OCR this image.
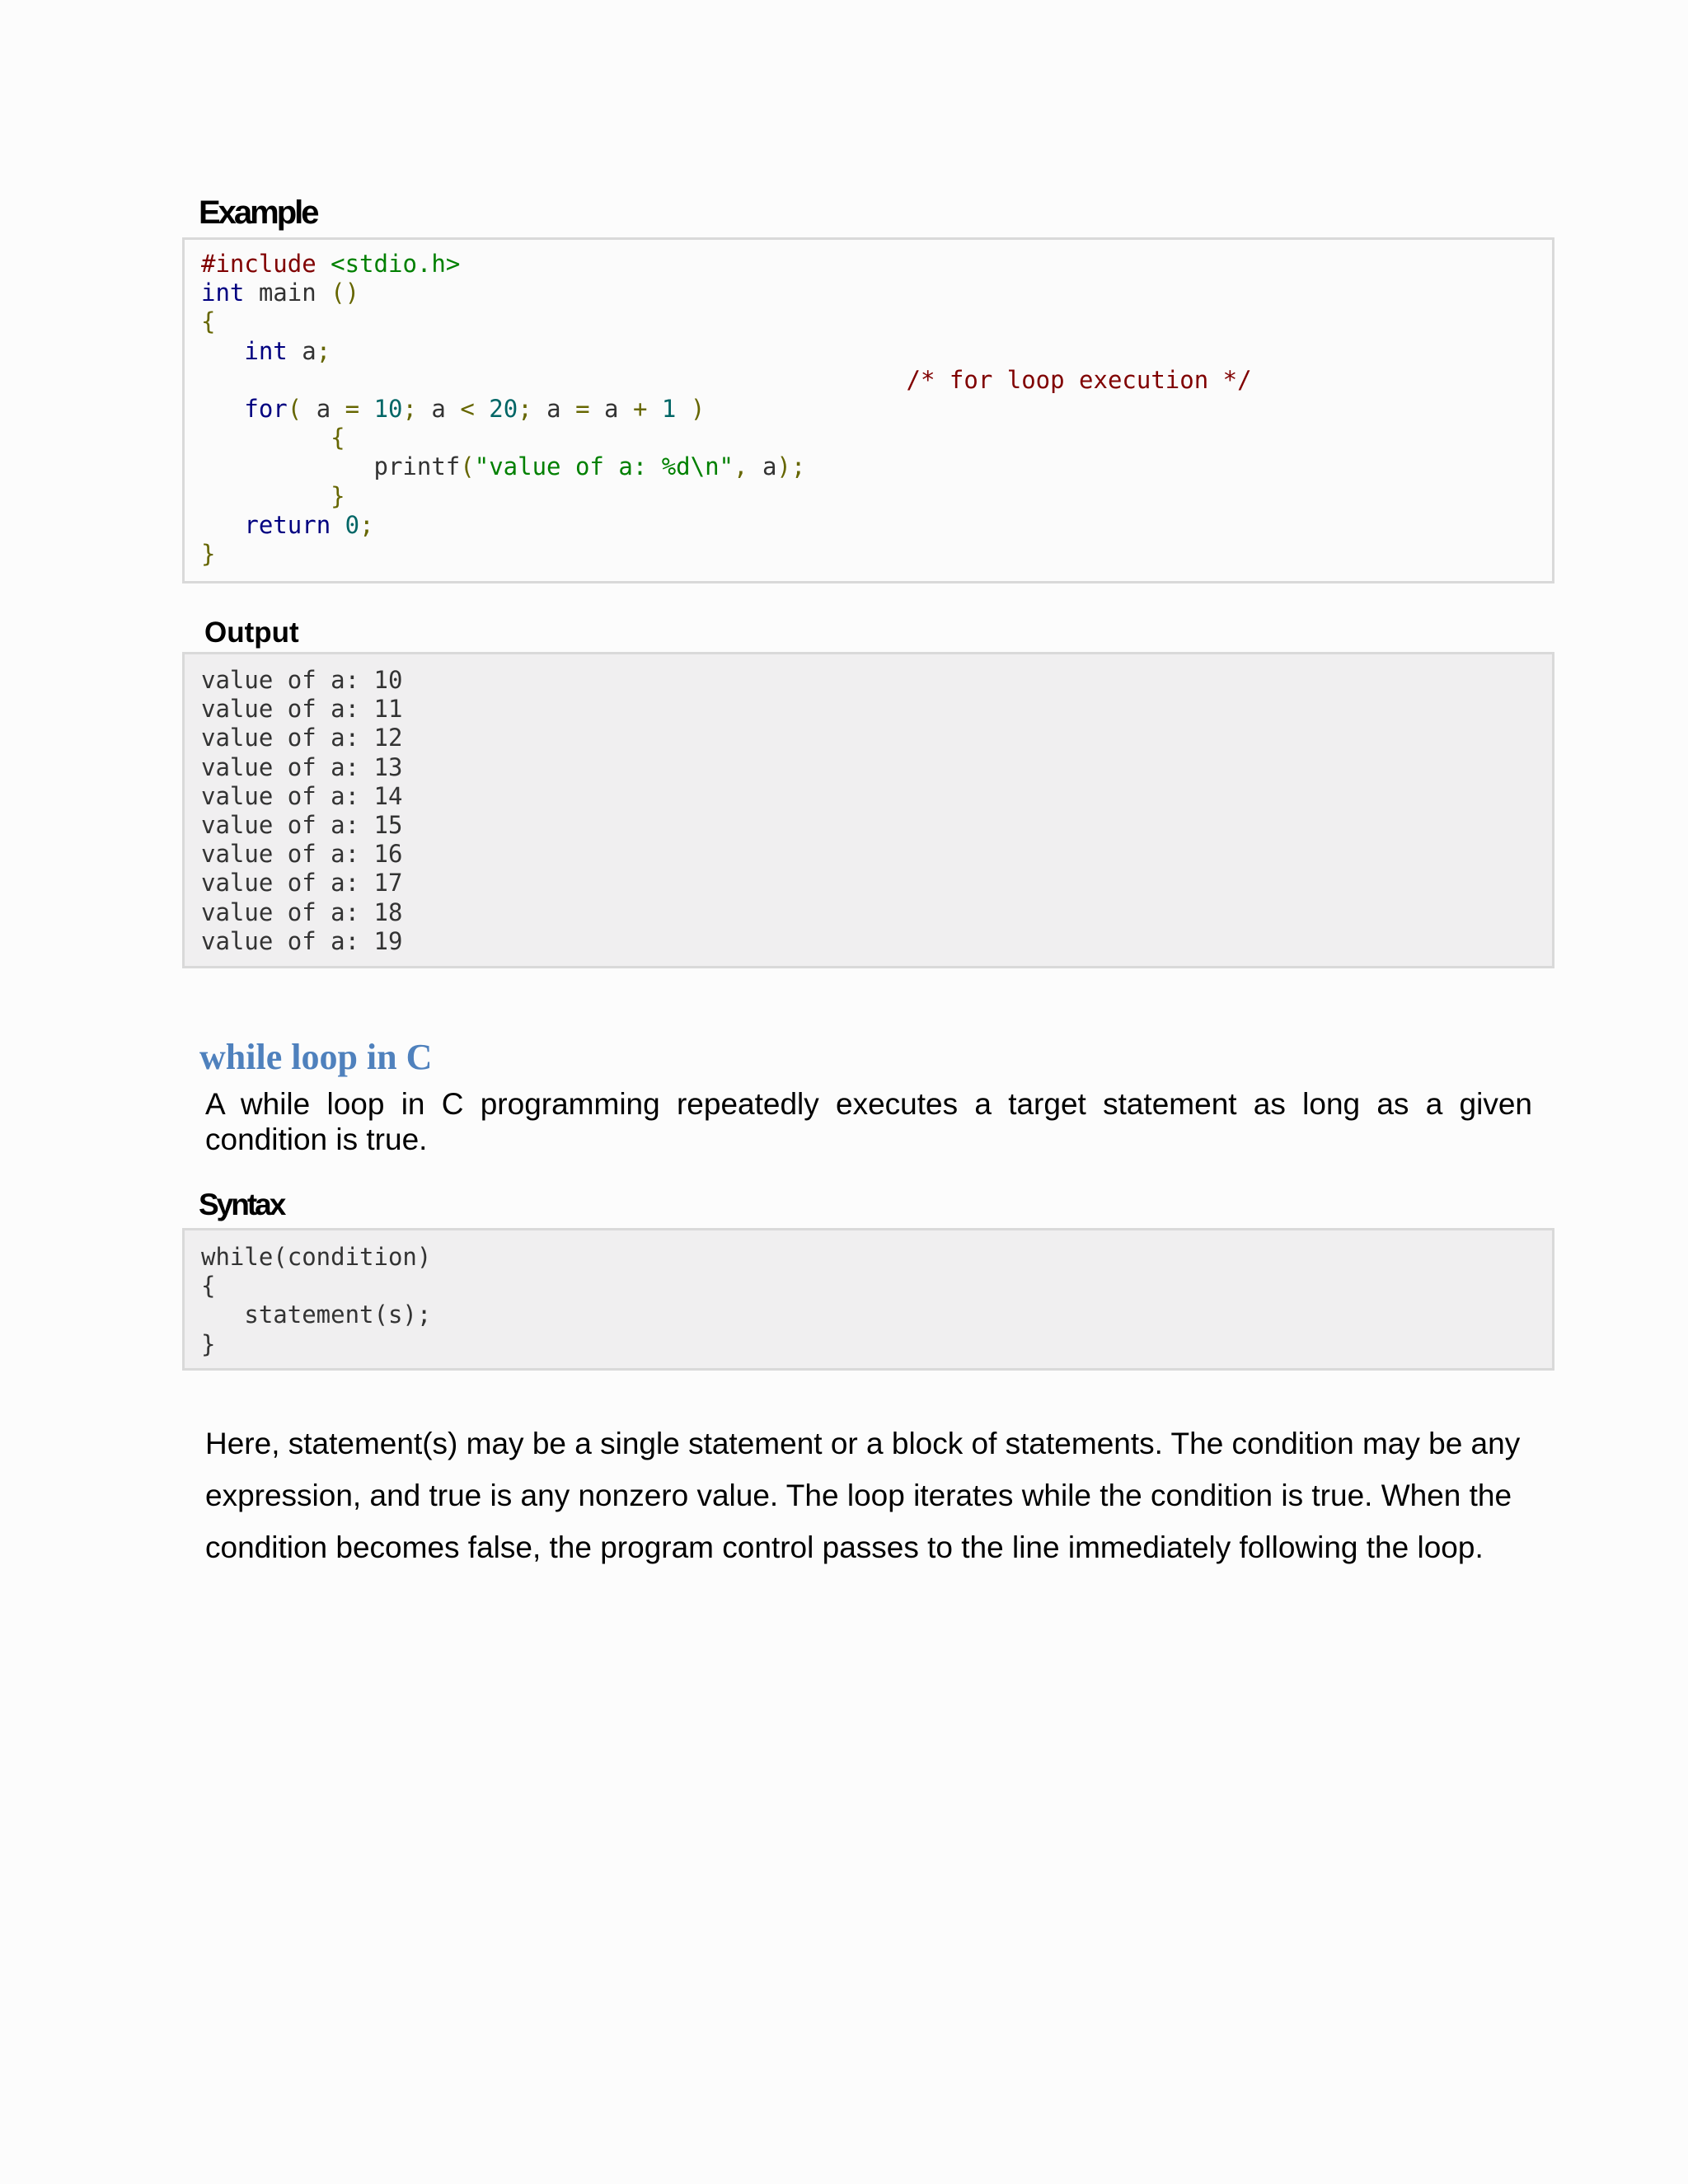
Example
#include <stdio.h>
int main ()
{
int a;
/* for loop execution */
for( a = 10; a < 20; a = a + 1 )
{
printf("value of a: %d\n", a);
}
return 0;
}
Output
value of a: 10
value of a: 11
value of a: 12
value of a: 13
value of a: 14
value of a: 15
value of a: 16
value of a: 17
value of a: 18
value of a: 19
while loop in C
A while loop in C programming repeatedly executes a target statement as long as a given condition is true.
Syntax
while(condition)
{
statement(s);
}
Here, statement(s) may be a single statement or a block of statements. The condition may be any expression, and true is any nonzero value. The loop iterates while the condition is true. When the condition becomes false, the program control passes to the line immediately following the loop.
